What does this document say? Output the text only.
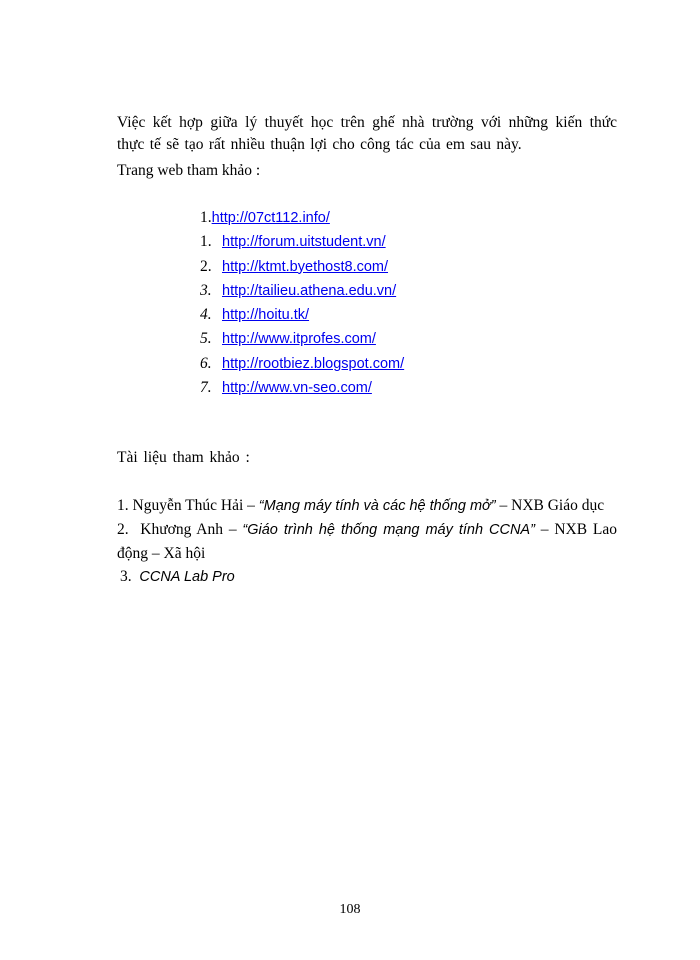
Việc kết hợp giữa lý thuyết học trên ghế nhà trường với những kiến thức thực tế sẽ tạo rất nhiều thuận lợi cho công tác của em sau này.
Trang web tham khảo :
1.http://07ct112.info/
1. http://forum.uitstudent.vn/
2. http://ktmt.byethost8.com/
3. http://tailieu.athena.edu.vn/
4. http://hoitu.tk/
5. http://www.itprofes.com/
6. http://rootbiez.blogspot.com/
7. http://www.vn-seo.com/
Tài liệu tham khảo :
1. Nguyễn Thúc Hải – “Mạng máy tính và các hệ thống mở” – NXB Giáo dục
2. Khương Anh – “Giáo trình hệ thống mạng máy tính CCNA” – NXB Lao động – Xã hội
3. CCNA Lab Pro
108
